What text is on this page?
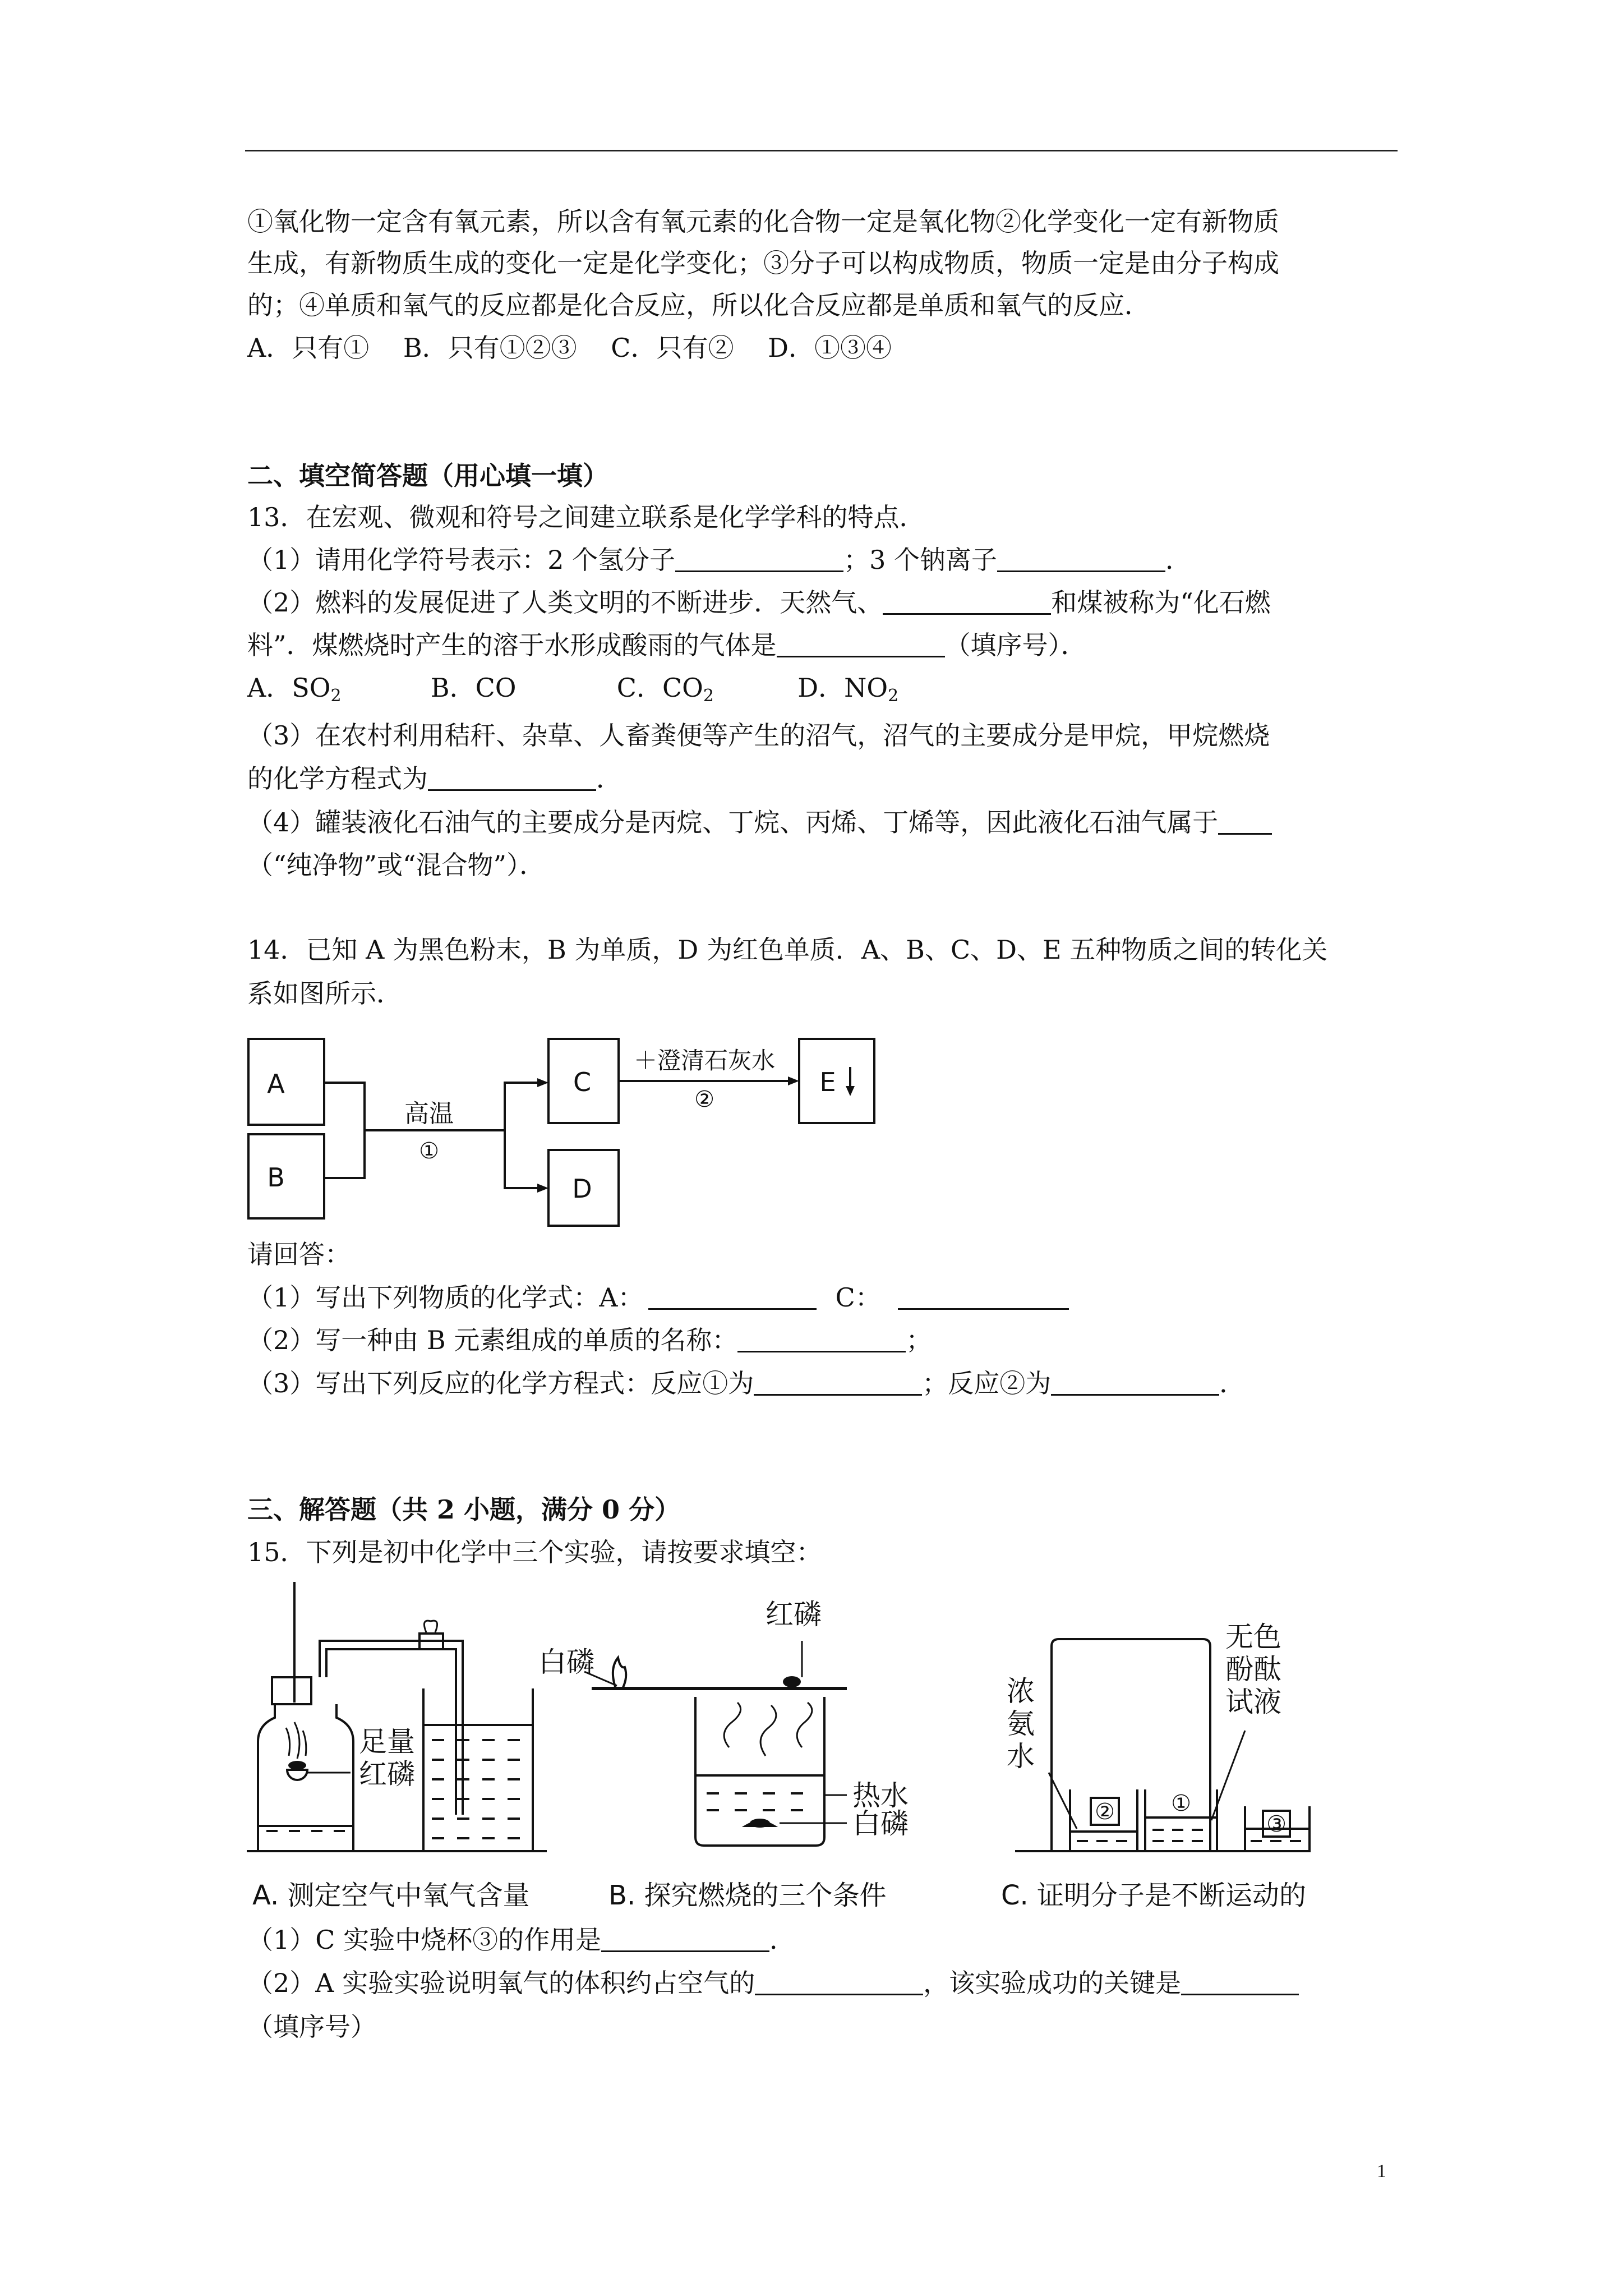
①氧化物一定含有氧元素，所以含有氧元素的化合物一定是氧化物②化学变化一定有新物质
生成，有新物质生成的变化一定是化学变化；③分子可以构成物质，物质一定是由分子构成
的；④单质和氧气的反应都是化合反应，所以化合反应都是单质和氧气的反应．
A．只有①　 B．只有①②③　 C．只有②　 D．①③④
二、填空简答题（用心填一填）
13．在宏观、微观和符号之间建立联系是化学学科的特点．
（1）请用化学符号表示：2 个氢分子	；3 个钠离子	．
（2）燃料的发展促进了人类文明的不断进步．天然气、	和煤被称为“化石燃
料”．煤燃烧时产生的溶于水形成酸雨的气体是	（填序号）．
A．$SO_2$	B．CO	C．$CO_2$	D．$NO_2$
（3）在农村利用秸秆、杂草、人畜粪便等产生的沼气，沼气的主要成分是甲烷，甲烷燃烧
的化学方程式为	．
（4）罐装液化石油气的主要成分是丙烷、丁烷、丙烯、丁烯等，因此液化石油气属于
（“纯净物”或“混合物”）．
14．已知 A 为黑色粉末，B 为单质，D 为红色单质．A、B、C、D、E 五种物质之间的转化关
系如图所示．
A
B
C
D
E
高温
①
＋澄清石灰水
②
请回答：
（1）写出下列物质的化学式：A：	C：
（2）写一种由 B 元素组成的单质的名称：	；
（3）写出下列反应的化学方程式：反应①为	；反应②为	．
三、解答题（共 2 小题，满分 0 分）
15．下列是初中化学中三个实验，请按要求填空：
足量
红磷
A. 测定空气中氧气含量
红磷
白磷
热水
白磷
B. 探究燃烧的三个条件
浓
氨
水
无色
酚酞
试液
②	①
③
C. 证明分子是不断运动的
（1）C 实验中烧杯③的作用是	．
（2）A 实验实验说明氧气的体积约占空气的	，该实验成功的关键是
（填序号）
1
